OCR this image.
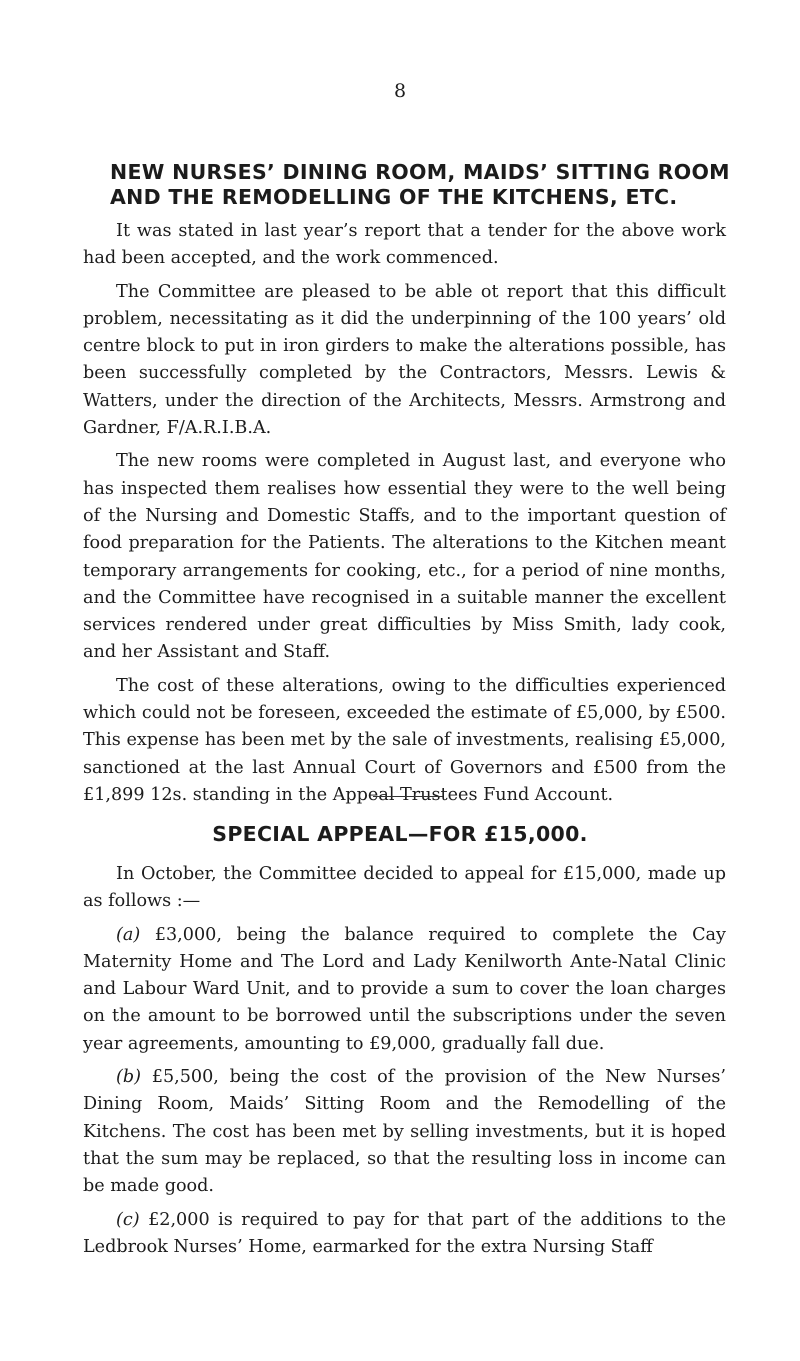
8
NEW NURSES’ DINING ROOM, MAIDS’ SITTING ROOM AND THE REMODELLING OF THE KITCHENS, ETC.

It was stated in last year’s report that a tender for the above work had been accepted, and the work commenced.

The Committee are pleased to be able ot report that this difficult problem, necessitating as it did the underpinning of the 100 years’ old centre block to put in iron girders to make the alterations possible, has been successfully completed by the Contractors, Messrs. Lewis & Watters, under the direction of the Architects, Messrs. Armstrong and Gardner, F/A.R.I.B.A.

The new rooms were completed in August last, and everyone who has inspected them realises how essential they were to the well being of the Nursing and Domestic Staffs, and to the important question of food preparation for the Patients. The alterations to the Kitchen meant temporary arrangements for cooking, etc., for a period of nine months, and the Committee have recognised in a suitable manner the excellent services rendered under great difficulties by Miss Smith, lady cook, and her Assistant and Staff.

The cost of these alterations, owing to the difficulties experienced which could not be foreseen, exceeded the estimate of £5,000, by £500. This expense has been met by the sale of investments, realising £5,000, sanctioned at the last Annual Court of Governors and £500 from the £1,899 12s. standing in the Appeal Trustees Fund Account.

SPECIAL APPEAL—FOR £15,000.

In October, the Committee decided to appeal for £15,000, made up as follows :—

(a) £3,000, being the balance required to complete the Cay Maternity Home and The Lord and Lady Kenilworth Ante-Natal Clinic and Labour Ward Unit, and to provide a sum to cover the loan charges on the amount to be borrowed until the subscriptions under the seven year agreements, amounting to £9,000, gradually fall due.

(b) £5,500, being the cost of the provision of the New Nurses’ Dining Room, Maids’ Sitting Room and the Remodelling of the Kitchens. The cost has been met by selling investments, but it is hoped that the sum may be replaced, so that the resulting loss in income can be made good.

(c) £2,000 is required to pay for that part of the additions to the Ledbrook Nurses’ Home, earmarked for the extra Nursing Staff
